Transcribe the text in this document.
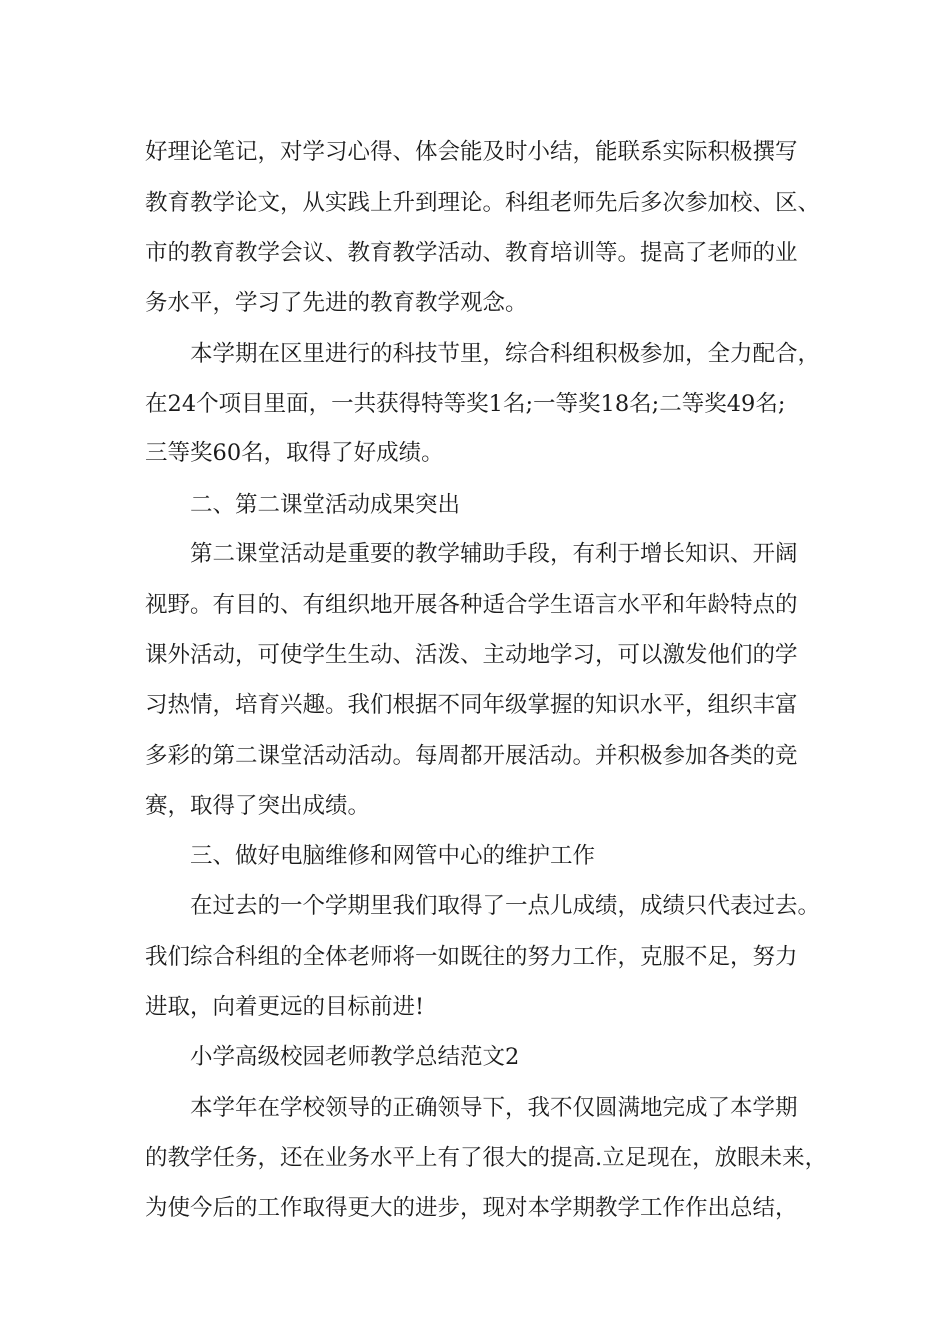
好理论笔记，对学习心得、体会能及时小结，能联系实际积极撰写
教育教学论文，从实践上升到理论。科组老师先后多次参加校、区、
市的教育教学会议、教育教学活动、教育培训等。提高了老师的业
务水平，学习了先进的教育教学观念。
本学期在区里进行的科技节里，综合科组积极参加，全力配合，
在24个项目里面，一共获得特等奖1名;一等奖18名;二等奖49名;
三等奖60名，取得了好成绩。
二、第二课堂活动成果突出
第二课堂活动是重要的教学辅助手段，有利于增长知识、开阔
视野。有目的、有组织地开展各种适合学生语言水平和年龄特点的
课外活动，可使学生生动、活泼、主动地学习，可以激发他们的学
习热情，培育兴趣。我们根据不同年级掌握的知识水平，组织丰富
多彩的第二课堂活动活动。每周都开展活动。并积极参加各类的竞
赛，取得了突出成绩。
三、做好电脑维修和网管中心的维护工作
在过去的一个学期里我们取得了一点儿成绩，成绩只代表过去。
我们综合科组的全体老师将一如既往的努力工作，克服不足，努力
进取，向着更远的目标前进!
小学高级校园老师教学总结范文2
本学年在学校领导的正确领导下，我不仅圆满地完成了本学期
的教学任务，还在业务水平上有了很大的提高.立足现在，放眼未来，
为使今后的工作取得更大的进步，现对本学期教学工作作出总结，
